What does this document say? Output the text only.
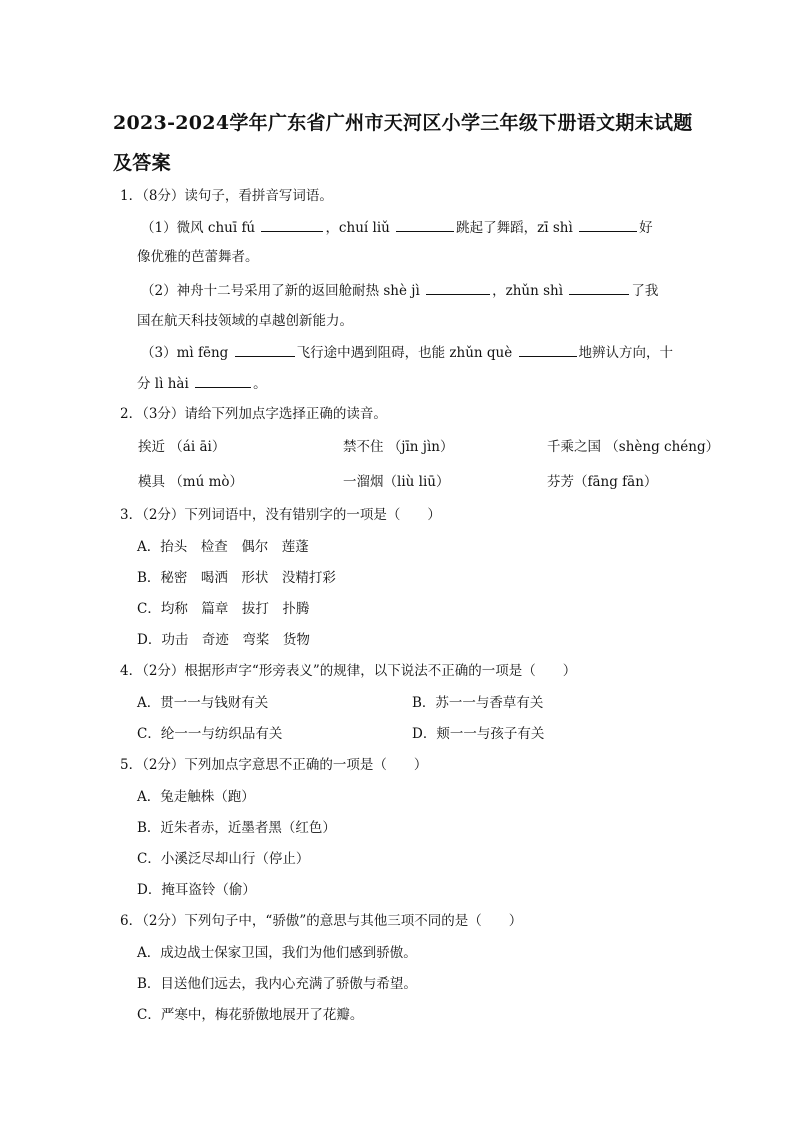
2023-2024学年广东省广州市天河区小学三年级下册语文期末试题及答案
1．（8分）读句子，看拼音写词语。
（1）微风 chuī fú	，chuí liǔ	跳起了舞蹈，zī shì	好
像优雅的芭蕾舞者。
（2）神舟十二号采用了新的返回舱耐热 shè jì	，zhǔn shì	了我
国在航天科技领域的卓越创新能力。
（3）mì fēng	飞行途中遇到阻碍，也能 zhǔn què	地辨认方向，十
分 lì hài	。
2．（3分）请给下列加点字选择正确的读音。
挨近 （ái āi）	禁不住 （jīn jìn）	千乘之国 （shèng chéng）
模具 （mú mò）	一溜烟（liù liū）	芬芳（fāng fān）
3．（2分）下列词语中，没有错别字的一项是（　　）
A．抬头　检查　偶尔　莲蓬
B．秘密　喝洒　形状　没精打彩
C．均称　篇章　拔打　扑腾
D．功击　奇迹　弯桨　货物
4．（2分）根据形声字“形旁表义”的规律，以下说法不正确的一项是（　　）
A．贯一一与钱财有关	B．苏一一与香草有关
C．纶一一与纺织品有关	D．颊一一与孩子有关
5．（2分）下列加点字意思不正确的一项是（　　）
A．兔走触株（跑）
B．近朱者赤，近墨者黑（红色）
C．小溪泛尽却山行（停止）
D．掩耳盗铃（偷）
6．（2分）下列句子中，“骄傲”的意思与其他三项不同的是（　　）
A．成边战士保家卫国，我们为他们感到骄傲。
B．目送他们远去，我内心充满了骄傲与希望。
C．严寒中，梅花骄傲地展开了花瓣。
